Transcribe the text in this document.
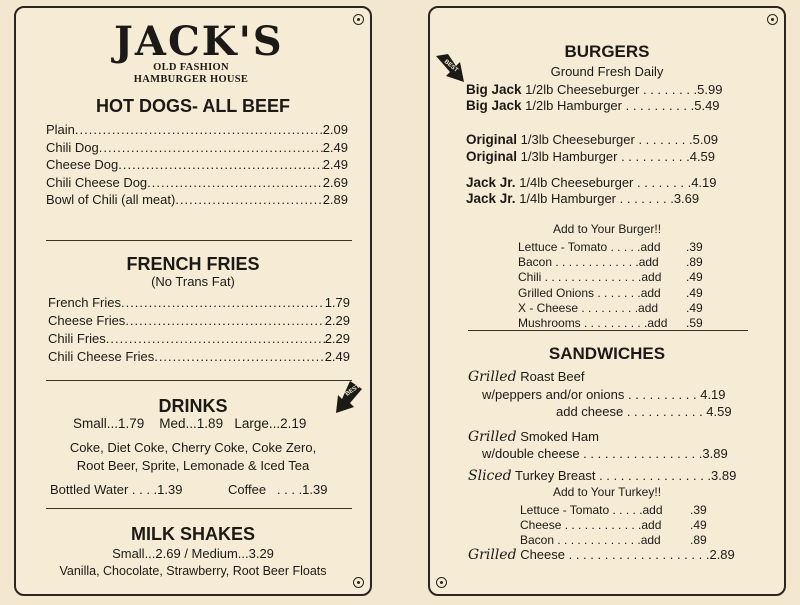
JACK'S
OLD FASHION
HAMBURGER HOUSE
HOT DOGS- ALL BEEF
Plain .....	2.09
Chili Dog .....	2.49
Cheese Dog .....	2.49
Chili Cheese Dog .....	2.69
Bowl of Chili (all meat) .....	2.89
FRENCH FRIES
(No Trans Fat)
French Fries .....	1.79
Cheese Fries .....	2.29
Chili Fries .....	2.29
Chili Cheese Fries .....	2.49
DRINKS
Small...1.79    Med...1.89   Large...2.19
BEST
Coke, Diet Coke, Cherry Coke, Coke Zero,
Root Beer, Sprite, Lemonade & Iced Tea
Bottled Water . . . .1.39	Coffee   . . . .1.39
MILK SHAKES
Small...2.69 / Medium...3.29
Vanilla, Chocolate, Strawberry, Root Beer Floats
BURGERS
Ground Fresh Daily
BEST
Big Jack 1/2lb Cheeseburger . . . . . . . .5.99
Big Jack 1/2lb Hamburger . . . . . . . . . .5.49
Original 1/3lb Cheeseburger . . . . . . . .5.09
Original 1/3lb Hamburger . . . . . . . . . .4.59
Jack Jr. 1/4lb Cheeseburger . . . . . . . .4.19
Jack Jr. 1/4lb Hamburger . . . . . . . .3.69
Add to Your Burger!!
Lettuce - Tomato . . . . .add .39
Bacon . . . . . . . . . . . . .add .89
Chili . . . . . . . . . . . . . . .add .49
Grilled Onions . . . . . . .add .49
X - Cheese . . . . . . . . .add .49
Mushrooms . . . . . . . . . .add .59
SANDWICHES
Grilled Roast Beef
w/peppers and/or onions . . . . . . . . . . 4.19
add cheese . . . . . . . . . . . 4.59
Grilled Smoked Ham
w/double cheese . . . . . . . . . . . . . . . . .3.89
Sliced Turkey Breast . . . . . . . . . . . . . . . .3.89
Add to Your Turkey!!
Lettuce - Tomato . . . . .add .39
Cheese . . . . . . . . . . . .add .49
Bacon . . . . . . . . . . . . .add .89
Grilled Cheese . . . . . . . . . . . . . . . . . . . .2.89
